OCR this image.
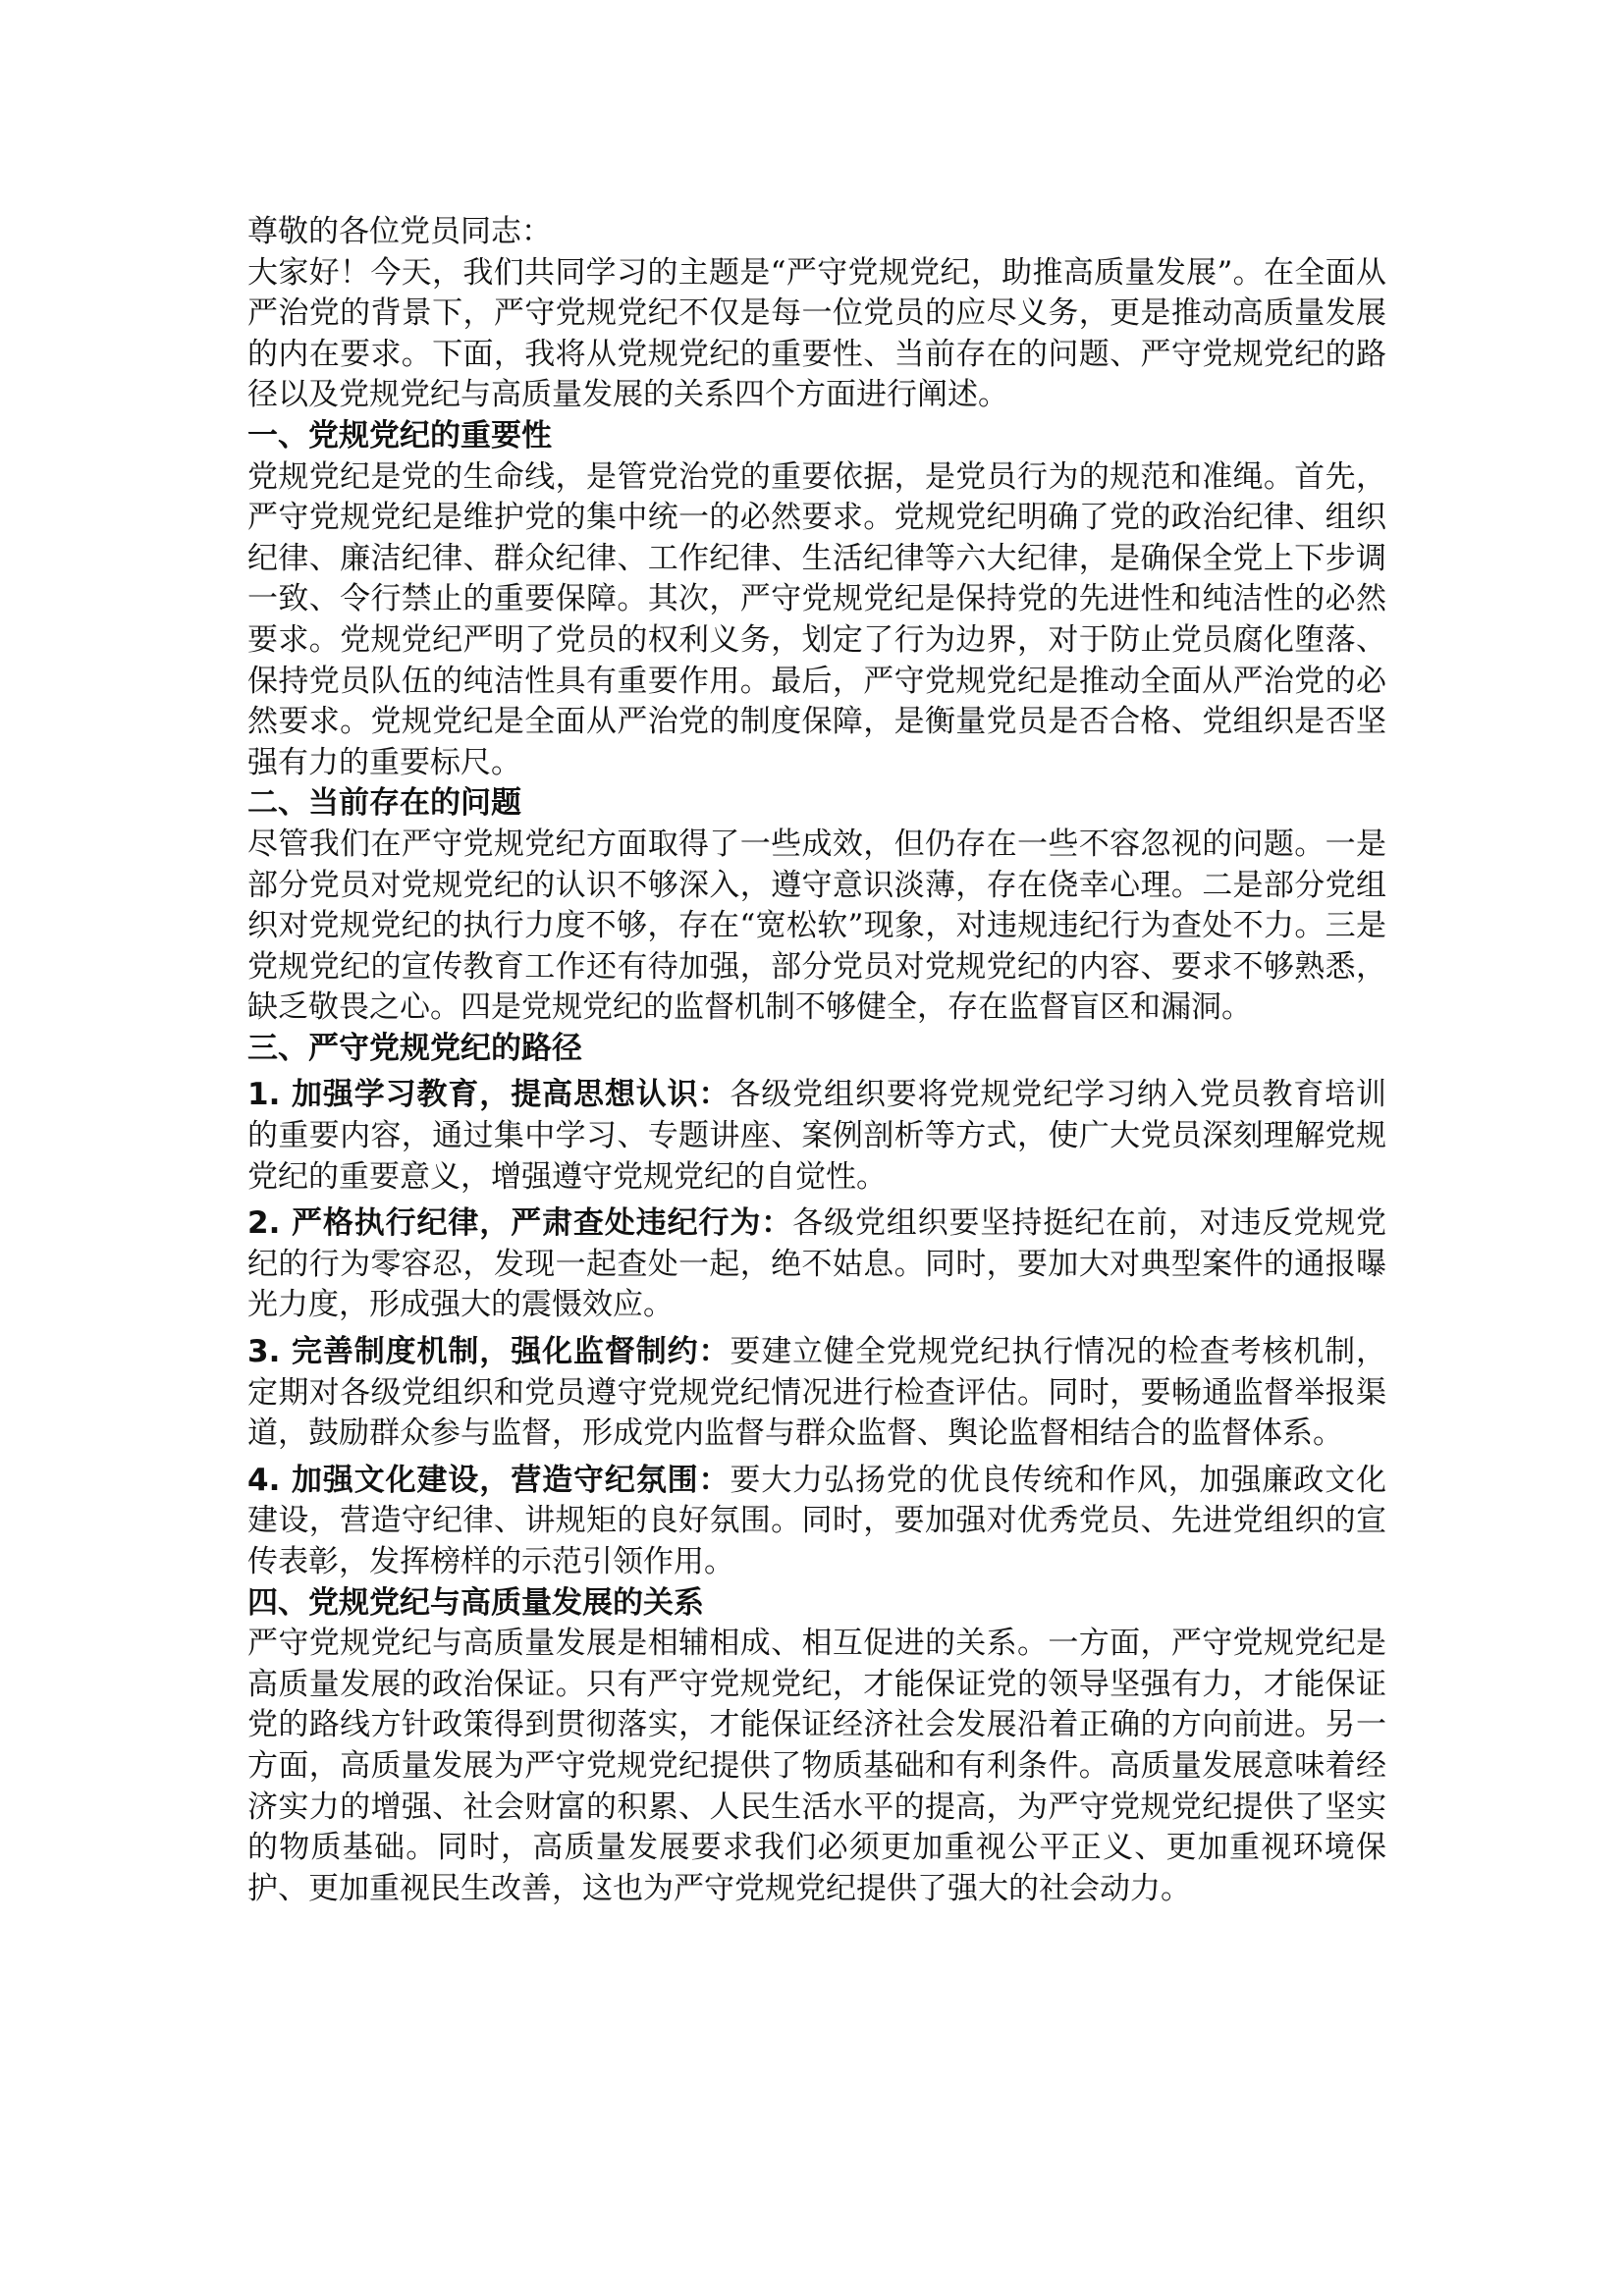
尊敬的各位党员同志：

大家好！今天，我们共同学习的主题是“严守党规党纪，助推高质量发展”。在全面从严治党的背景下，严守党规党纪不仅是每一位党员的应尽义务，更是推动高质量发展的内在要求。下面，我将从党规党纪的重要性、当前存在的问题、严守党规党纪的路径以及党规党纪与高质量发展的关系四个方面进行阐述。

一、党规党纪的重要性

党规党纪是党的生命线，是管党治党的重要依据，是党员行为的规范和准绳。首先，严守党规党纪是维护党的集中统一的必然要求。党规党纪明确了党的政治纪律、组织纪律、廉洁纪律、群众纪律、工作纪律、生活纪律等六大纪律，是确保全党上下步调一致、令行禁止的重要保障。其次，严守党规党纪是保持党的先进性和纯洁性的必然要求。党规党纪严明了党员的权利义务，划定了行为边界，对于防止党员腐化堕落、保持党员队伍的纯洁性具有重要作用。最后，严守党规党纪是推动全面从严治党的必然要求。党规党纪是全面从严治党的制度保障，是衡量党员是否合格、党组织是否坚强有力的重要标尺。

二、当前存在的问题

尽管我们在严守党规党纪方面取得了一些成效，但仍存在一些不容忽视的问题。一是部分党员对党规党纪的认识不够深入，遵守意识淡薄，存在侥幸心理。二是部分党组织对党规党纪的执行力度不够，存在“宽松软”现象，对违规违纪行为查处不力。三是党规党纪的宣传教育工作还有待加强，部分党员对党规党纪的内容、要求不够熟悉，缺乏敬畏之心。四是党规党纪的监督机制不够健全，存在监督盲区和漏洞。

三、严守党规党纪的路径

1. 加强学习教育，提高思想认识：各级党组织要将党规党纪学习纳入党员教育培训的重要内容，通过集中学习、专题讲座、案例剖析等方式，使广大党员深刻理解党规党纪的重要意义，增强遵守党规党纪的自觉性。

2. 严格执行纪律，严肃查处违纪行为：各级党组织要坚持挺纪在前，对违反党规党纪的行为零容忍，发现一起查处一起，绝不姑息。同时，要加大对典型案件的通报曝光力度，形成强大的震慑效应。

3. 完善制度机制，强化监督制约：要建立健全党规党纪执行情况的检查考核机制，定期对各级党组织和党员遵守党规党纪情况进行检查评估。同时，要畅通监督举报渠道，鼓励群众参与监督，形成党内监督与群众监督、舆论监督相结合的监督体系。

4. 加强文化建设，营造守纪氛围：要大力弘扬党的优良传统和作风，加强廉政文化建设，营造守纪律、讲规矩的良好氛围。同时，要加强对优秀党员、先进党组织的宣传表彰，发挥榜样的示范引领作用。

四、党规党纪与高质量发展的关系

严守党规党纪与高质量发展是相辅相成、相互促进的关系。一方面，严守党规党纪是高质量发展的政治保证。只有严守党规党纪，才能保证党的领导坚强有力，才能保证党的路线方针政策得到贯彻落实，才能保证经济社会发展沿着正确的方向前进。另一方面，高质量发展为严守党规党纪提供了物质基础和有利条件。高质量发展意味着经济实力的增强、社会财富的积累、人民生活水平的提高，为严守党规党纪提供了坚实的物质基础。同时，高质量发展要求我们必须更加重视公平正义、更加重视环境保护、更加重视民生改善，这也为严守党规党纪提供了强大的社会动力。
